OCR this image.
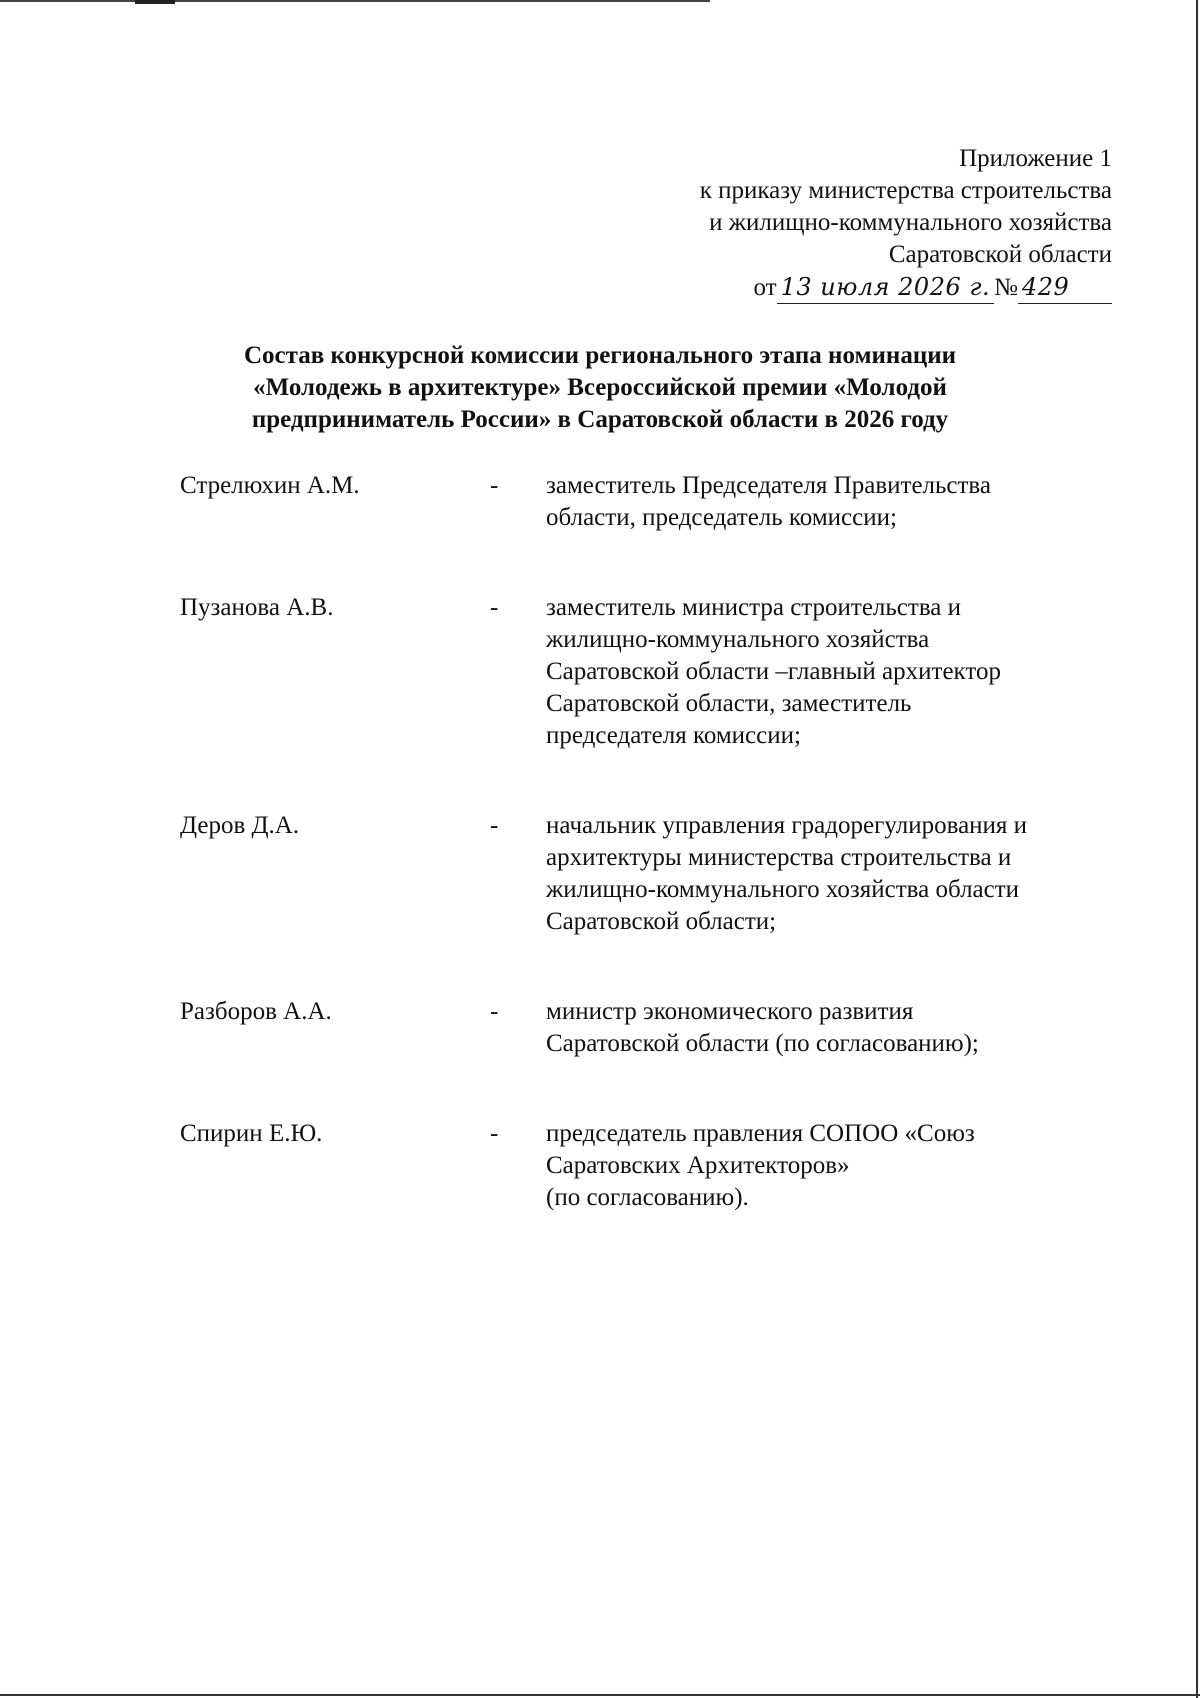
Приложение 1
к приказу министерства строительства
и жилищно-коммунального хозяйства
Саратовской области
от 13 июля 2026 г. № 429
Состав конкурсной комиссии регионального этапа номинации
«Молодежь в архитектуре» Всероссийской премии «Молодой
предприниматель России» в Саратовской области в 2026 году
Стрелюхин А.М.	- заместитель Председателя Правительства
области, председатель комиссии;
Пузанова А.В.	- заместитель министра строительства и
жилищно-коммунального хозяйства
Саратовской области –главный архитектор
Саратовской области, заместитель
председателя комиссии;
Деров Д.А.	- начальник управления градорегулирования и
архитектуры министерства строительства и
жилищно-коммунального хозяйства области
Саратовской области;
Разборов А.А.	- министр экономического развития
Саратовской области (по согласованию);
Спирин Е.Ю.	- председатель правления СОПОО «Союз
Саратовских Архитекторов»
(по согласованию).
